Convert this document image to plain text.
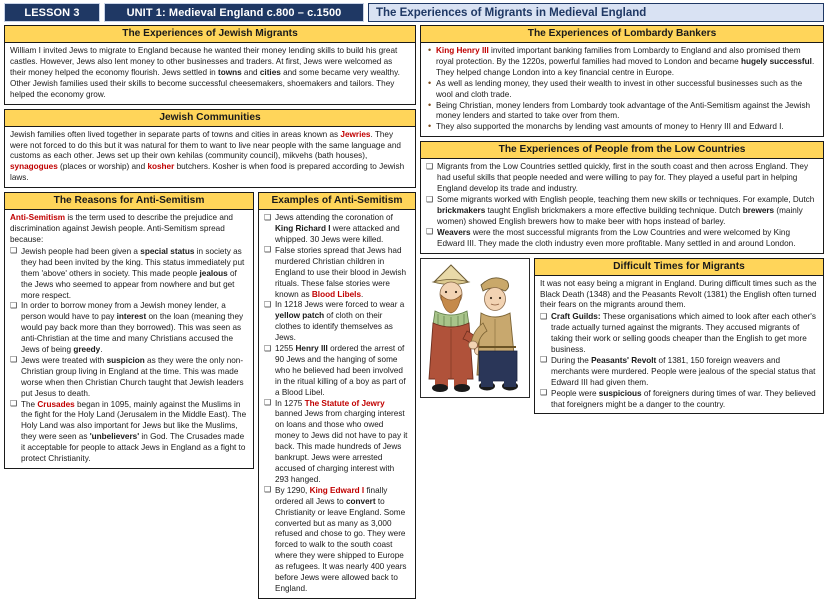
LESSON 3	UNIT 1: Medieval England c.800 – c.1500	The Experiences of Migrants in Medieval England
The Experiences of Jewish Migrants

William I invited Jews to migrate to England because he wanted their money lending skills to build his great castles. However, Jews also lent money to other businesses and traders. At first, Jews were welcomed as their money helped the economy flourish. Jews settled in towns and cities and some became very wealthy. Other Jewish families used their skills to become successful cheesemakers, shoemakers and tailors. They helped the economy grow.

Jewish Communities

Jewish families often lived together in separate parts of towns and cities in areas known as Jewries. They were not forced to do this but it was natural for them to want to live near people with the same language and customs as each other. Jews set up their own kehilas (community council), mikvehs (bath houses), synagogues (places or worship) and kosher butchers. Kosher is when food is prepared according to Jewish laws.

The Reasons for Anti-Semitism

Anti-Semitism is the term used to describe the prejudice and discrimination against Jewish people. Anti-Semitism spread because:

❑ Jewish people had been given a special status in society as they had been invited by the king. This status immediately put them 'above' others in society. This made people jealous of the Jews who seemed to appear from nowhere and but get more respect.
❑ In order to borrow money from a Jewish money lender, a person would have to pay interest on the loan (meaning they would pay back more than they borrowed). This was seen as anti-Christian at the time and many Christians accused the Jews of being greedy.
❑ Jews were treated with suspicion as they were the only non-Christian group living in England at the time. This was made worse when then Christian Church taught that Jewish leaders put Jesus to death.
❑ The Crusades began in 1095, mainly against the Muslims in the fight for the Holy Land (Jerusalem in the Middle East). The Holy Land was also important for Jews but like the Muslims, they were seen as 'unbelievers' in God. The Crusades made it acceptable for people to attack Jews in England as a fight to protect Christianity.
Examples of Anti-Semitism
❑ Jews attending the coronation of King Richard I were attacked and whipped. 30 Jews were killed.
❑ False stories spread that Jews had murdered Christian children in England to use their blood in Jewish rituals. These false stories were known as Blood Libels.
❑ In 1218 Jews were forced to wear a yellow patch of cloth on their clothes to identify themselves as Jews.
❑ 1255 Henry III ordered the arrest of 90 Jews and the hanging of some who he believed had been involved in the ritual killing of a boy as part of a Blood Libel.
❑ In 1275 The Statute of Jewry banned Jews from charging interest on loans and those who owed money to Jews did not have to pay it back. This made hundreds of Jews bankrupt. Jews were arrested accused of charging interest with 293 hanged.
❑ By 1290, King Edward I finally ordered all Jews to convert to Christianity or leave England. Some converted but as many as 3,000 refused and chose to go. They were forced to walk to the south coast where they were shipped to Europe as refugees. It was nearly 400 years before Jews were allowed back to England.
The Experiences of Lombardy Bankers
• King Henry III invited important banking families from Lombardy to England and also promised them royal protection. By the 1220s, powerful families had moved to London and became hugely successful. They helped change London into a key financial centre in Europe.
• As well as lending money, they used their wealth to invest in other successful businesses such as the wool and cloth trade.
• Being Christian, money lenders from Lombardy took advantage of the Anti-Semitism against the Jewish money lenders and started to take over from them.
• They also supported the monarchs by lending vast amounts of money to Henry III and Edward I.
The Experiences of People from the Low Countries
❑ Migrants from the Low Countries settled quickly, first in the south coast and then across England. They had useful skills that people needed and were willing to pay for. They played a useful part in helping England develop its trade and industry.
❑ Some migrants worked with English people, teaching them new skills or techniques. For example, Dutch brickmakers taught English brickmakers a more effective building technique. Dutch brewers (mainly women) showed English brewers how to make beer with hops instead of barley.
❑ Weavers were the most successful migrants from the Low Countries and were welcomed by King Edward III. They made the cloth industry even more profitable. Many settled in and around London.
Difficult Times for Migrants

It was not easy being a migrant in England. During difficult times such as the Black Death (1348) and the Peasants Revolt (1381) the English often turned their fears on the migrants around them.

❑ Craft Guilds: These organisations which aimed to look after each other's trade actually turned against the migrants. They accused migrants of taking their work or selling goods cheaper than the English to get more business.
❑ During the Peasants' Revolt of 1381, 150 foreign weavers and merchants were murdered. People were jealous of the special status that Edward III had given them.
❑ People were suspicious of foreigners during times of war. They believed that foreigners might be a danger to the country.
